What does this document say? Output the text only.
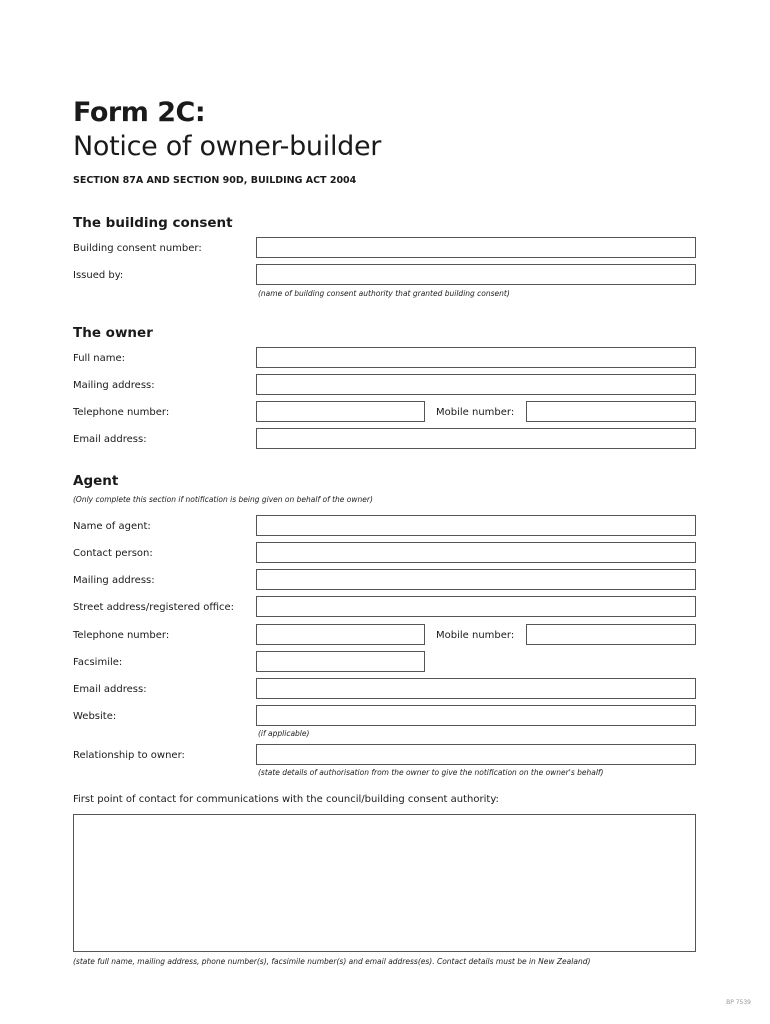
Form 2C:
Notice of owner-builder
SECTION 87A AND SECTION 90D, BUILDING ACT 2004
The building consent
Building consent number:
Issued by:
(name of building consent authority that granted building consent)
The owner
Full name:
Mailing address:
Telephone number:	Mobile number:
Email address:
Agent
(Only complete this section if notification is being given on behalf of the owner)
Name of agent:
Contact person:
Mailing address:
Street address/registered office:
Telephone number:	Mobile number:
Facsimile:
Email address:
Website:
(if applicable)
Relationship to owner:
(state details of authorisation from the owner to give the notification on the owner's behalf)
First point of contact for communications with the council/building consent authority:
(state full name, mailing address, phone number(s), facsimile number(s) and email address(es). Contact details must be in New Zealand)
BP 7539
